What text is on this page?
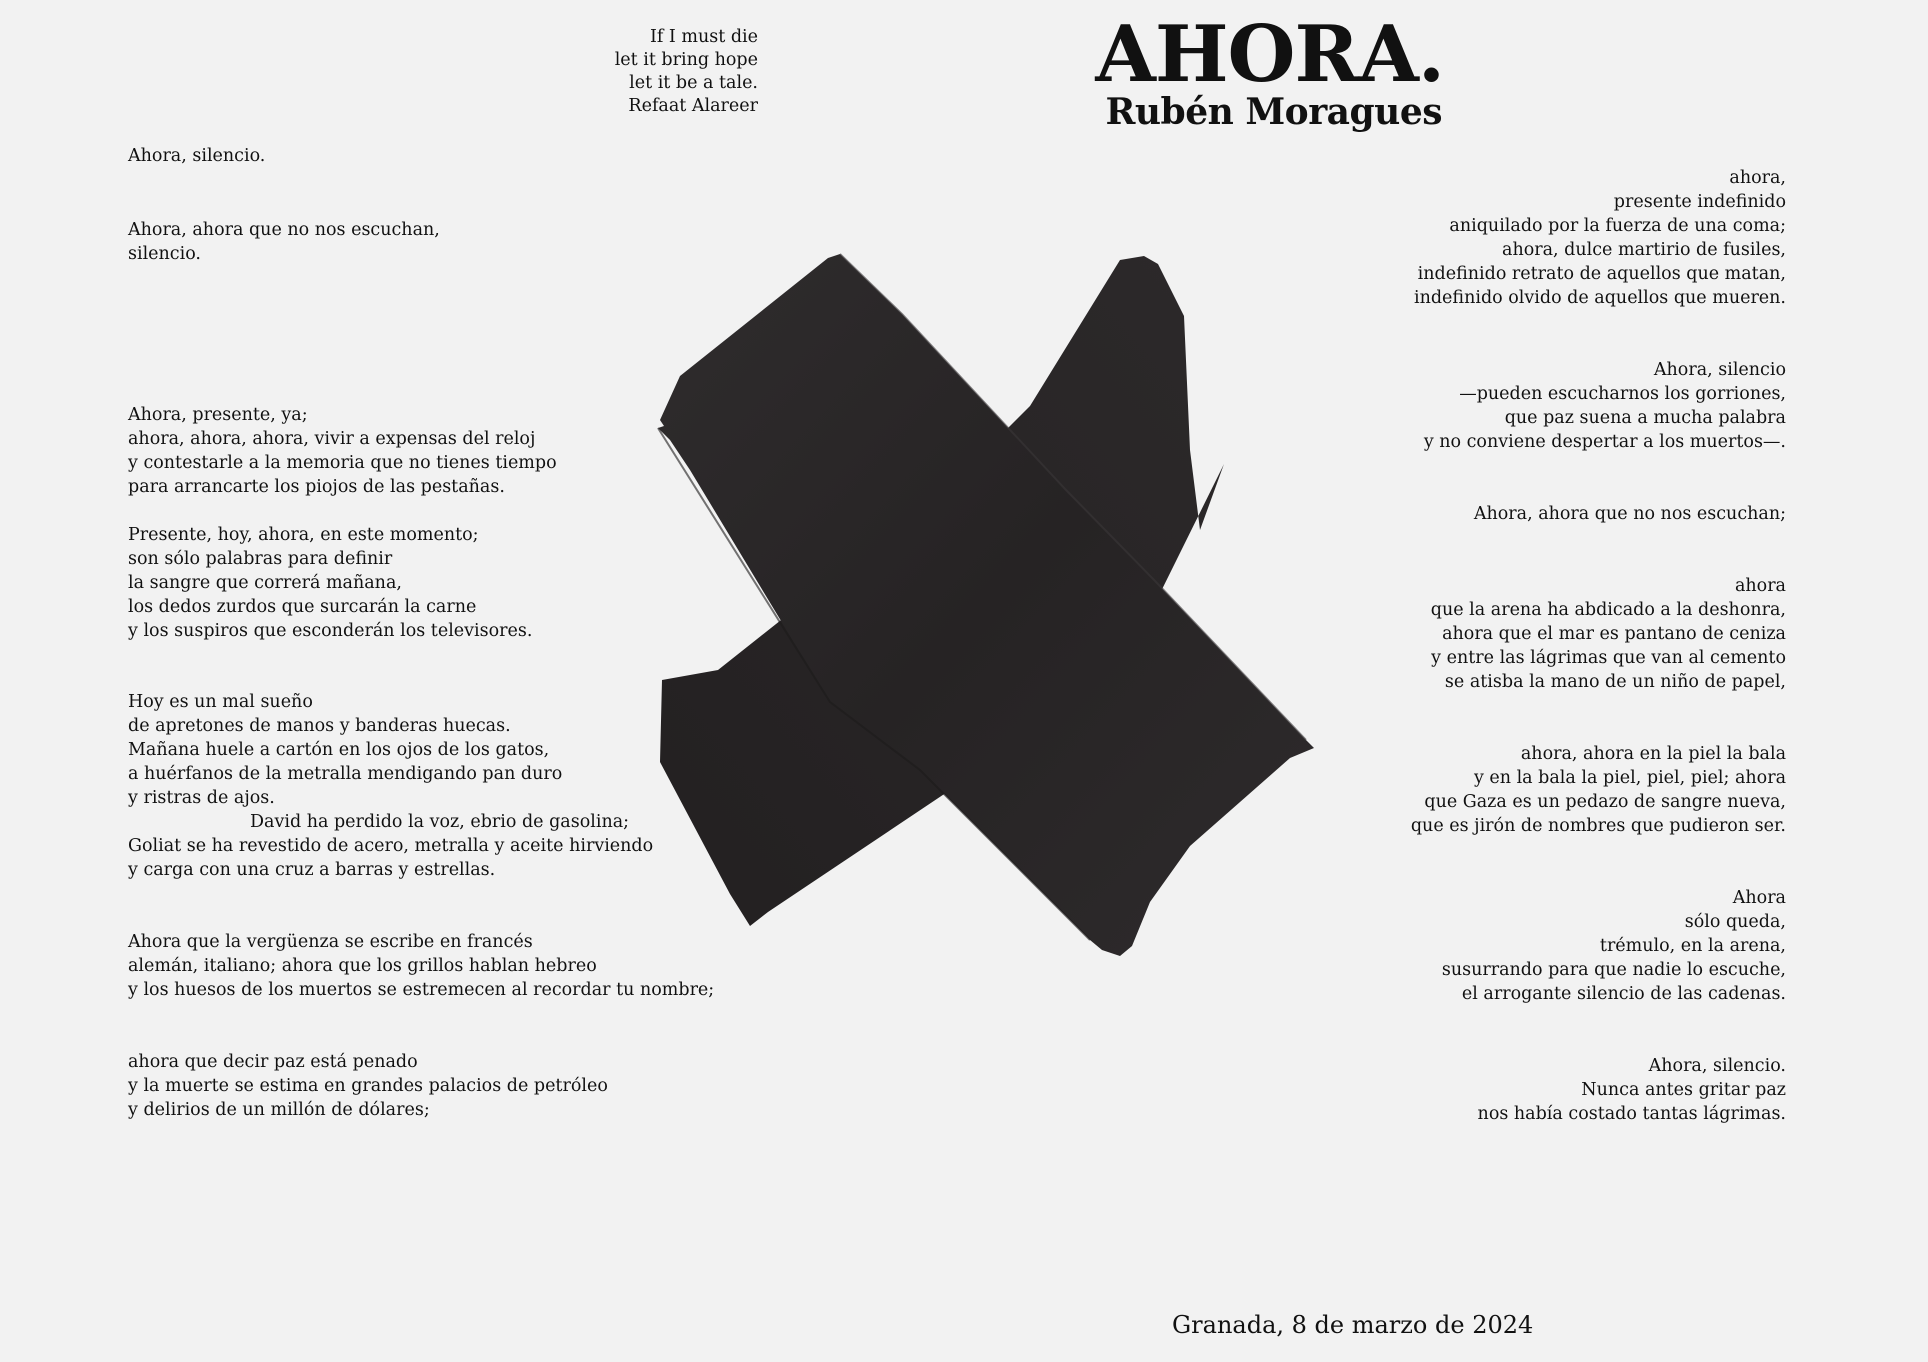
If I must die
let it bring hope
let it be a tale.
Refaat Alareer
AHORA.
Rubén Moragues
Ahora, silencio.
Ahora, ahora que no nos escuchan,
silencio.
Ahora, presente, ya;
ahora, ahora, ahora, vivir a expensas del reloj
y contestarle a la memoria que no tienes tiempo
para arrancarte los piojos de las pestañas.
Presente, hoy, ahora, en este momento;
son sólo palabras para definir
la sangre que correrá mañana,
los dedos zurdos que surcarán la carne
y los suspiros que esconderán los televisores.
Hoy es un mal sueño
de apretones de manos y banderas huecas.
Mañana huele a cartón en los ojos de los gatos,
a huérfanos de la metralla mendigando pan duro
y ristras de ajos.
David ha perdido la voz, ebrio de gasolina;
Goliat se ha revestido de acero, metralla y aceite hirviendo
y carga con una cruz a barras y estrellas.
Ahora que la vergüenza se escribe en francés
alemán, italiano; ahora que los grillos hablan hebreo
y los huesos de los muertos se estremecen al recordar tu nombre;
ahora que decir paz está penado
y la muerte se estima en grandes palacios de petróleo
y delirios de un millón de dólares;
ahora,
presente indefinido
aniquilado por la fuerza de una coma;
ahora, dulce martirio de fusiles,
indefinido retrato de aquellos que matan,
indefinido olvido de aquellos que mueren.
Ahora, silencio
—pueden escucharnos los gorriones,
que paz suena a mucha palabra
y no conviene despertar a los muertos—.
Ahora, ahora que no nos escuchan;
ahora
que la arena ha abdicado a la deshonra,
ahora que el mar es pantano de ceniza
y entre las lágrimas que van al cemento
se atisba la mano de un niño de papel,
ahora, ahora en la piel la bala
y en la bala la piel, piel, piel; ahora
que Gaza es un pedazo de sangre nueva,
que es jirón de nombres que pudieron ser.
Ahora
sólo queda,
trémulo, en la arena,
susurrando para que nadie lo escuche,
el arrogante silencio de las cadenas.
Ahora, silencio.
Nunca antes gritar paz
nos había costado tantas lágrimas.
Granada, 8 de marzo de 2024
